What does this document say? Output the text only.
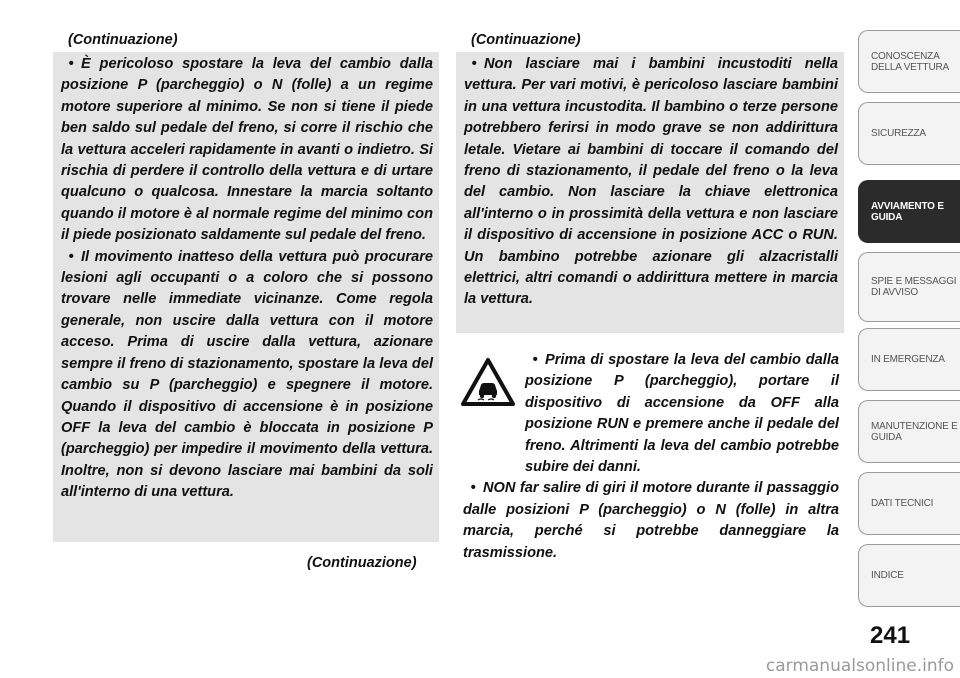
(Continuazione)

• È pericoloso spostare la leva del cambio dalla posizione P (parcheggio) o N (folle) a un regime motore superiore al minimo. Se non si tiene il piede ben saldo sul pedale del freno, si corre il rischio che la vettura acceleri rapidamente in avanti o indietro. Si rischia di perdere il controllo della vettura e di urtare qualcuno o qualcosa. Innestare la marcia soltanto quando il motore è al normale regime del minimo con il piede posizionato saldamente sul pedale del freno.

• Il movimento inatteso della vettura può procurare lesioni agli occupanti o a coloro che si possono trovare nelle immediate vicinanze. Come regola generale, non uscire dalla vettura con il motore acceso. Prima di uscire dalla vettura, azionare sempre il freno di stazionamento, spostare la leva del cambio su P (parcheggio) e spegnere il motore. Quando il dispositivo di accensione è in posizione OFF la leva del cambio è bloccata in posizione P (parcheggio) per impedire il movimento della vettura. Inoltre, non si devono lasciare mai bambini da soli all'interno di una vettura.

(Continuazione)
(Continuazione)

• Non lasciare mai i bambini incustoditi nella vettura. Per vari motivi, è pericoloso lasciare bambini in una vettura incustodita. Il bambino o terze persone potrebbero ferirsi in modo grave se non addirittura letale. Vietare ai bambini di toccare il comando del freno di stazionamento, il pedale del freno o la leva del cambio. Non lasciare la chiave elettronica all'interno o in prossimità della vettura e non lasciare il dispositivo di accensione in posizione ACC o RUN. Un bambino potrebbe azionare gli alzacristalli elettrici, altri comandi o addirittura mettere in marcia la vettura.

• Prima di spostare la leva del cambio dalla posizione P (parcheggio), portare il dispositivo di accensione da OFF alla posizione RUN e premere anche il pedale del freno. Altrimenti la leva del cambio potrebbe subire dei danni.

• NON far salire di giri il motore durante il passaggio dalle posizioni P (parcheggio) o N (folle) in altra marcia, perché si potrebbe danneggiare la trasmissione.

CONOSCENZA DELLA VETTURA
SICUREZZA
AVVIAMENTO E GUIDA
SPIE E MESSAGGI DI AVVISO
IN EMERGENZA
MANUTENZIONE E GUIDA
DATI TECNICI
INDICE
241
carmanualsonline.info
